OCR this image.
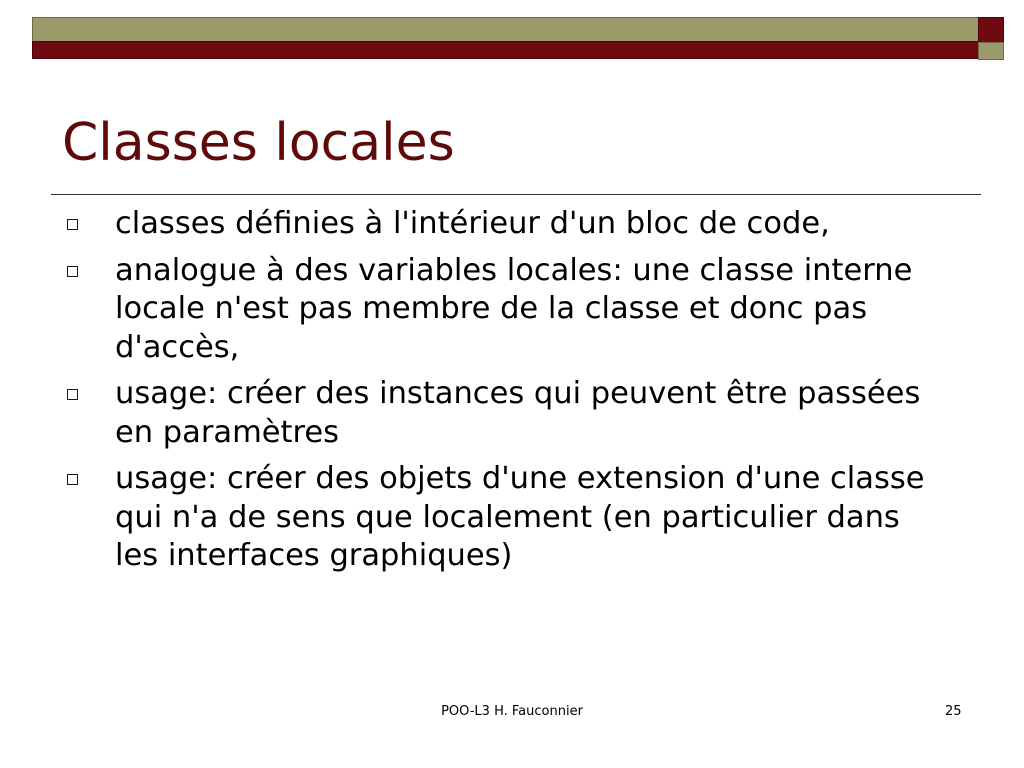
Classes locales
classes définies à l'intérieur d'un bloc de code,
analogue à des variables locales: une classe interne locale n'est pas membre de la classe et donc pas d'accès,
usage: créer des instances qui peuvent être passées en paramètres
usage: créer des objets d'une extension d'une classe qui n'a de sens que localement (en particulier dans les interfaces graphiques)
POO-L3 H. Fauconnier	25
